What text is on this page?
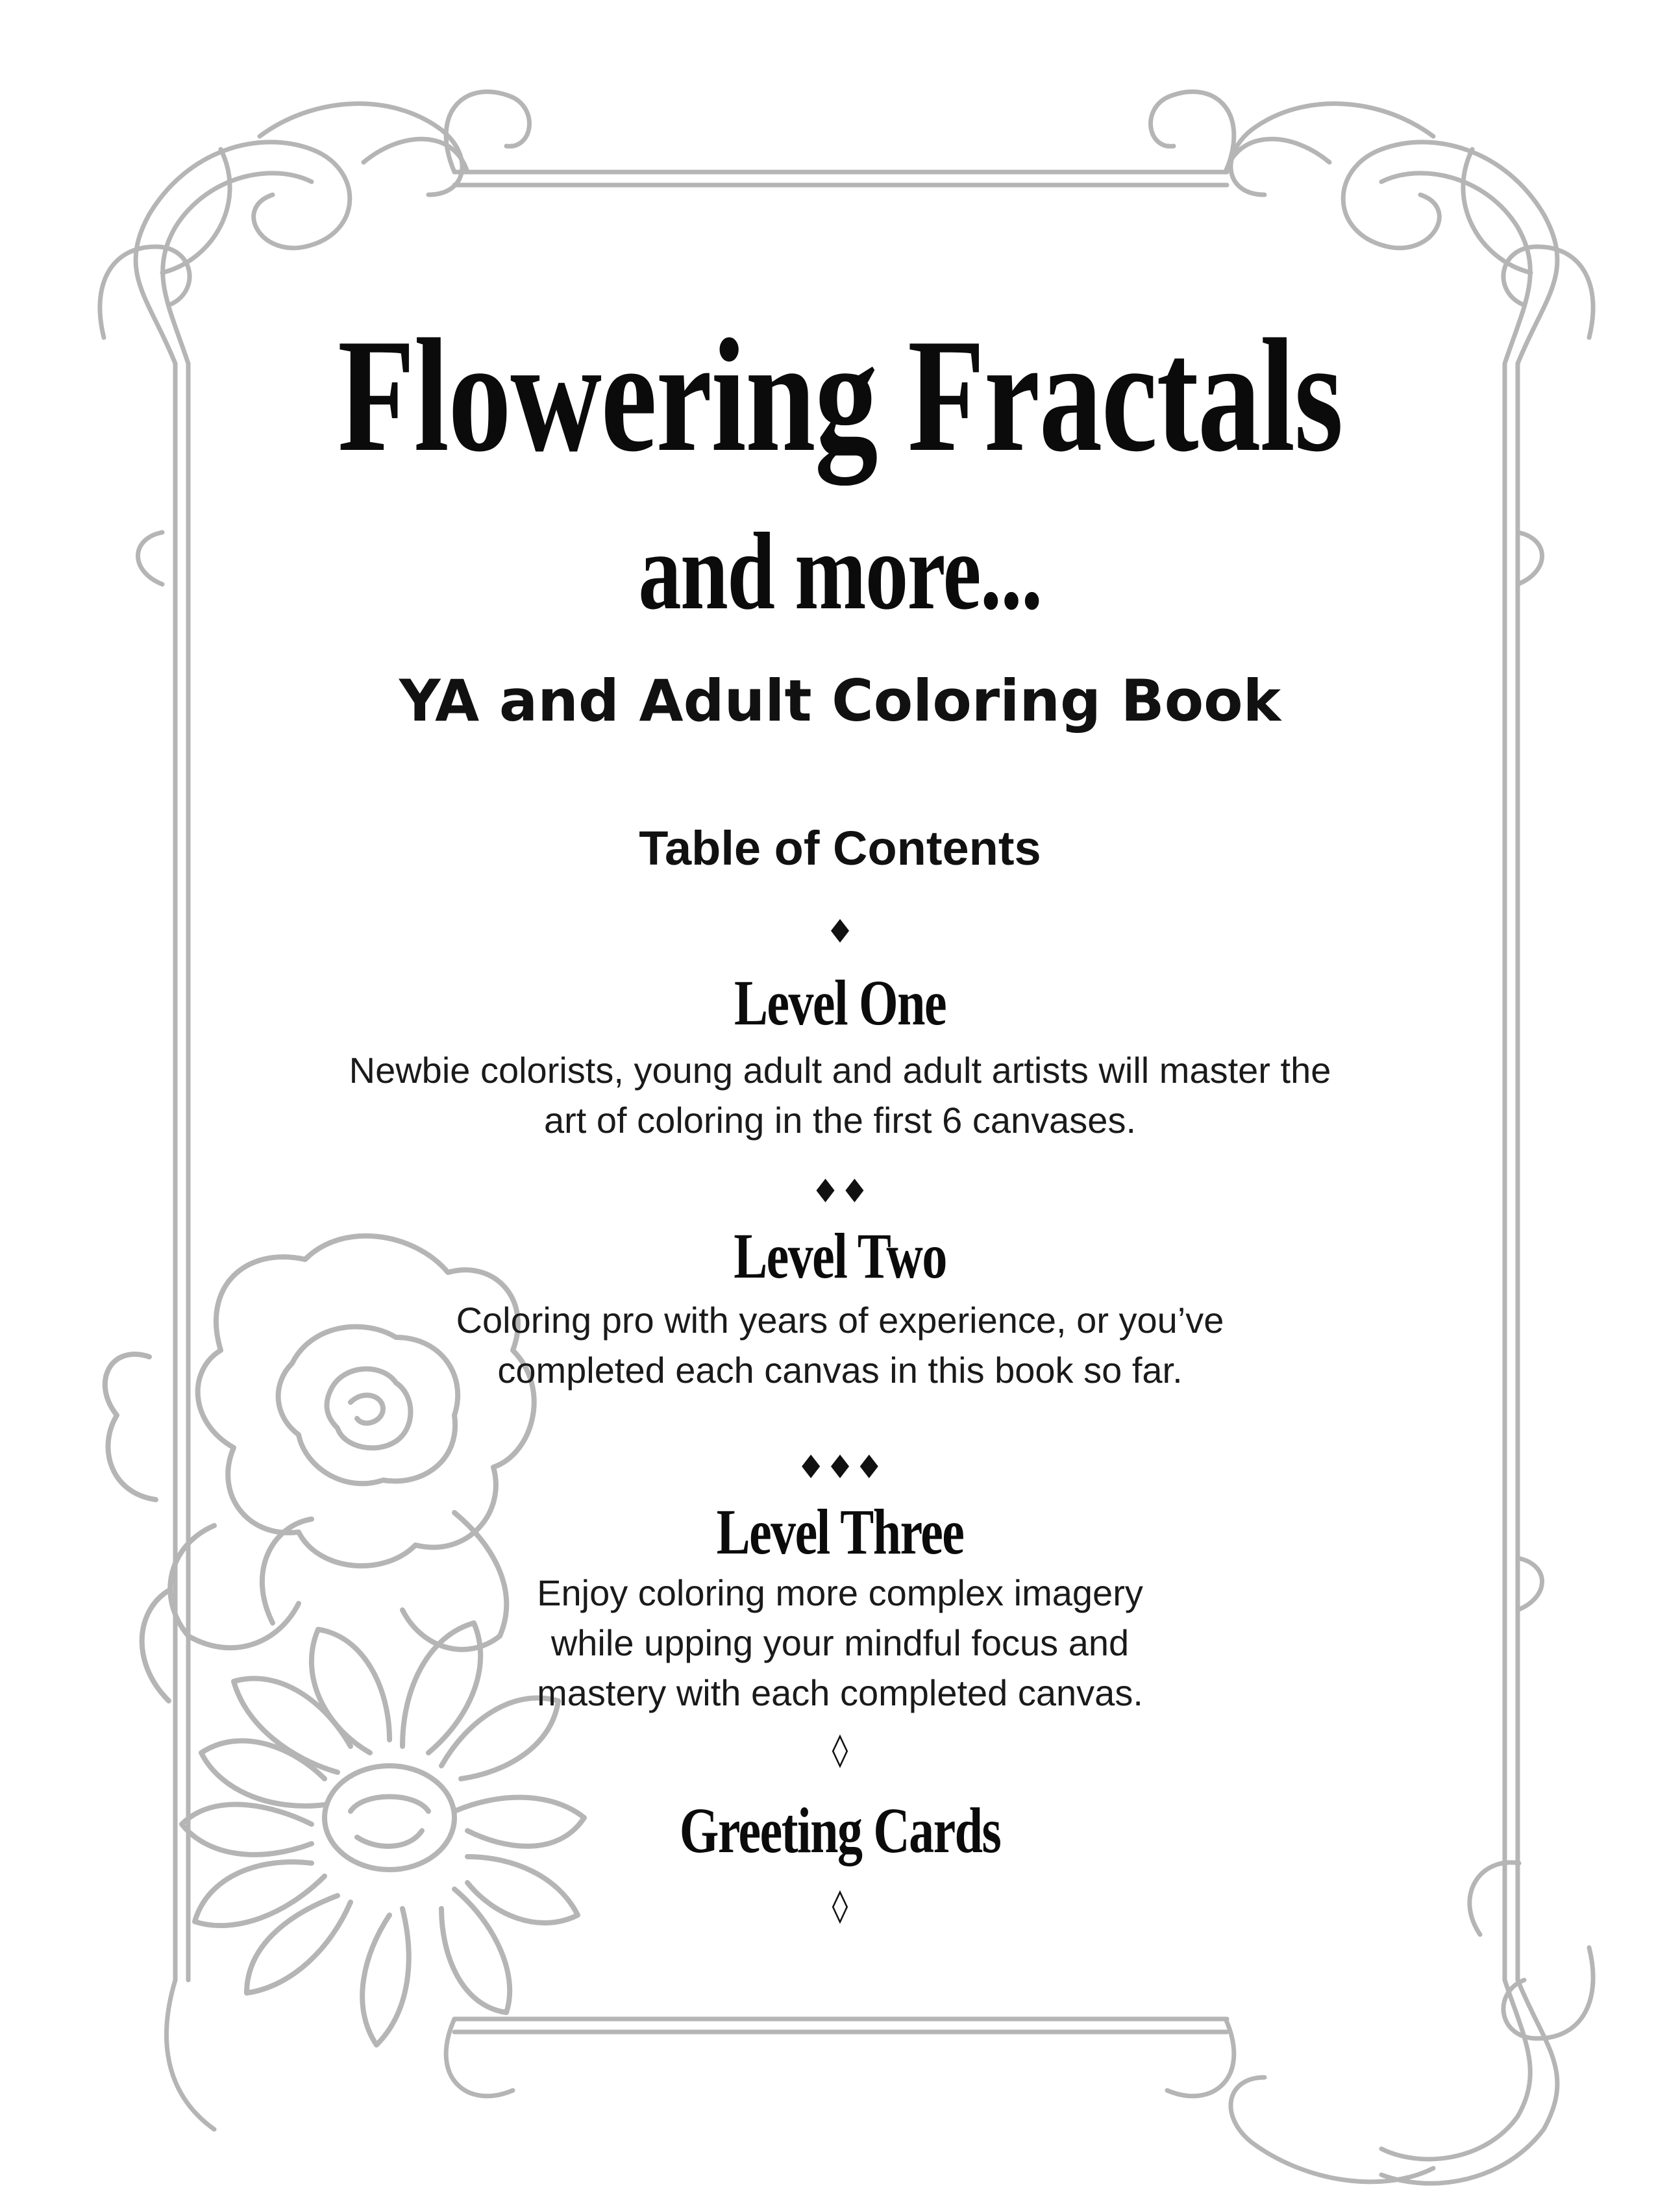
Flowering Fractals
and more...
YA and Adult Coloring Book
Table of Contents
♦
Level One
Newbie colorists, young adult and adult artists will master the
art of coloring in the first 6 canvases.
♦♦
Level Two
Coloring pro with years of experience, or you’ve
completed each canvas in this book so far.
♦♦♦
Level Three
Enjoy coloring more complex imagery
while upping your mindful focus and
mastery with each completed canvas.
◊
Greeting Cards
◊
